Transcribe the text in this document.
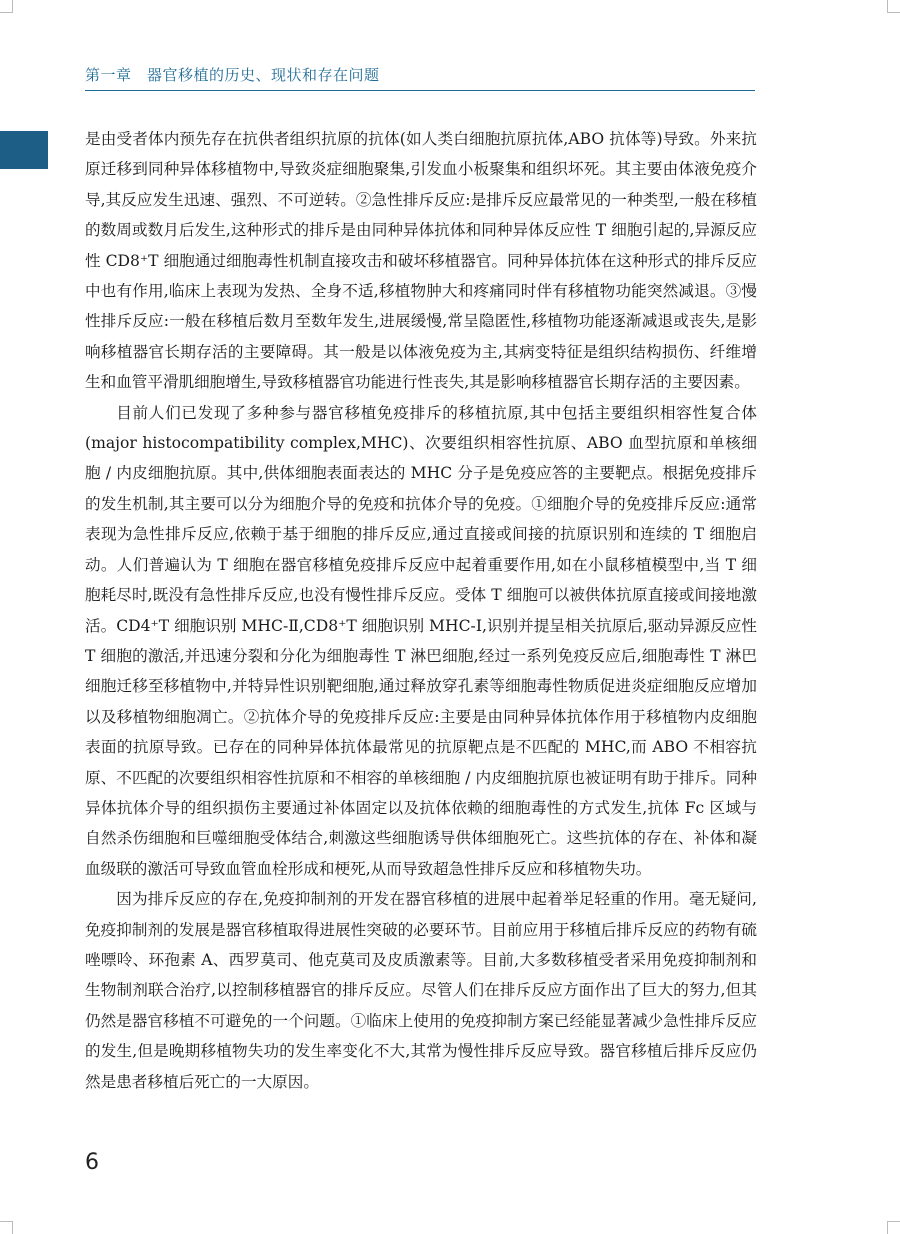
第一章　器官移植的历史、现状和存在问题

是由受者体内预先存在抗供者组织抗原的抗体(如人类白细胞抗原抗体,ABO 抗体等)导致。外来抗原迁移到同种异体移植物中,导致炎症细胞聚集,引发血小板聚集和组织坏死。其主要由体液免疫介导,其反应发生迅速、强烈、不可逆转。②急性排斥反应:是排斥反应最常见的一种类型,一般在移植的数周或数月后发生,这种形式的排斥是由同种异体抗体和同种异体反应性 T 细胞引起的,异源反应性 CD8⁺T 细胞通过细胞毒性机制直接攻击和破坏移植器官。同种异体抗体在这种形式的排斥反应中也有作用,临床上表现为发热、全身不适,移植物肿大和疼痛同时伴有移植物功能突然减退。③慢性排斥反应:一般在移植后数月至数年发生,进展缓慢,常呈隐匿性,移植物功能逐渐减退或丧失,是影响移植器官长期存活的主要障碍。其一般是以体液免疫为主,其病变特征是组织结构损伤、纤维增生和血管平滑肌细胞增生,导致移植器官功能进行性丧失,其是影响移植器官长期存活的主要因素。

目前人们已发现了多种参与器官移植免疫排斥的移植抗原,其中包括主要组织相容性复合体(major histocompatibility complex,MHC)、次要组织相容性抗原、ABO 血型抗原和单核细胞 / 内皮细胞抗原。其中,供体细胞表面表达的 MHC 分子是免疫应答的主要靶点。根据免疫排斥的发生机制,其主要可以分为细胞介导的免疫和抗体介导的免疫。①细胞介导的免疫排斥反应:通常表现为急性排斥反应,依赖于基于细胞的排斥反应,通过直接或间接的抗原识别和连续的 T 细胞启动。人们普遍认为 T 细胞在器官移植免疫排斥反应中起着重要作用,如在小鼠移植模型中,当 T 细胞耗尽时,既没有急性排斥反应,也没有慢性排斥反应。受体 T 细胞可以被供体抗原直接或间接地激活。CD4⁺T 细胞识别 MHC-Ⅱ,CD8⁺T 细胞识别 MHC-Ⅰ,识别并提呈相关抗原后,驱动异源反应性 T 细胞的激活,并迅速分裂和分化为细胞毒性 T 淋巴细胞,经过一系列免疫反应后,细胞毒性 T 淋巴细胞迁移至移植物中,并特异性识别靶细胞,通过释放穿孔素等细胞毒性物质促进炎症细胞反应增加以及移植物细胞凋亡。②抗体介导的免疫排斥反应:主要是由同种异体抗体作用于移植物内皮细胞表面的抗原导致。已存在的同种异体抗体最常见的抗原靶点是不匹配的 MHC,而 ABO 不相容抗原、不匹配的次要组织相容性抗原和不相容的单核细胞 / 内皮细胞抗原也被证明有助于排斥。同种异体抗体介导的组织损伤主要通过补体固定以及抗体依赖的细胞毒性的方式发生,抗体 Fc 区域与自然杀伤细胞和巨噬细胞受体结合,刺激这些细胞诱导供体细胞死亡。这些抗体的存在、补体和凝血级联的激活可导致血管血栓形成和梗死,从而导致超急性排斥反应和移植物失功。

因为排斥反应的存在,免疫抑制剂的开发在器官移植的进展中起着举足轻重的作用。毫无疑问,免疫抑制剂的发展是器官移植取得进展性突破的必要环节。目前应用于移植后排斥反应的药物有硫唑嘌呤、环孢素 A、西罗莫司、他克莫司及皮质激素等。目前,大多数移植受者采用免疫抑制剂和生物制剂联合治疗,以控制移植器官的排斥反应。尽管人们在排斥反应方面作出了巨大的努力,但其仍然是器官移植不可避免的一个问题。①临床上使用的免疫抑制方案已经能显著减少急性排斥反应的发生,但是晚期移植物失功的发生率变化不大,其常为慢性排斥反应导致。器官移植后排斥反应仍然是患者移植后死亡的一大原因。

6
